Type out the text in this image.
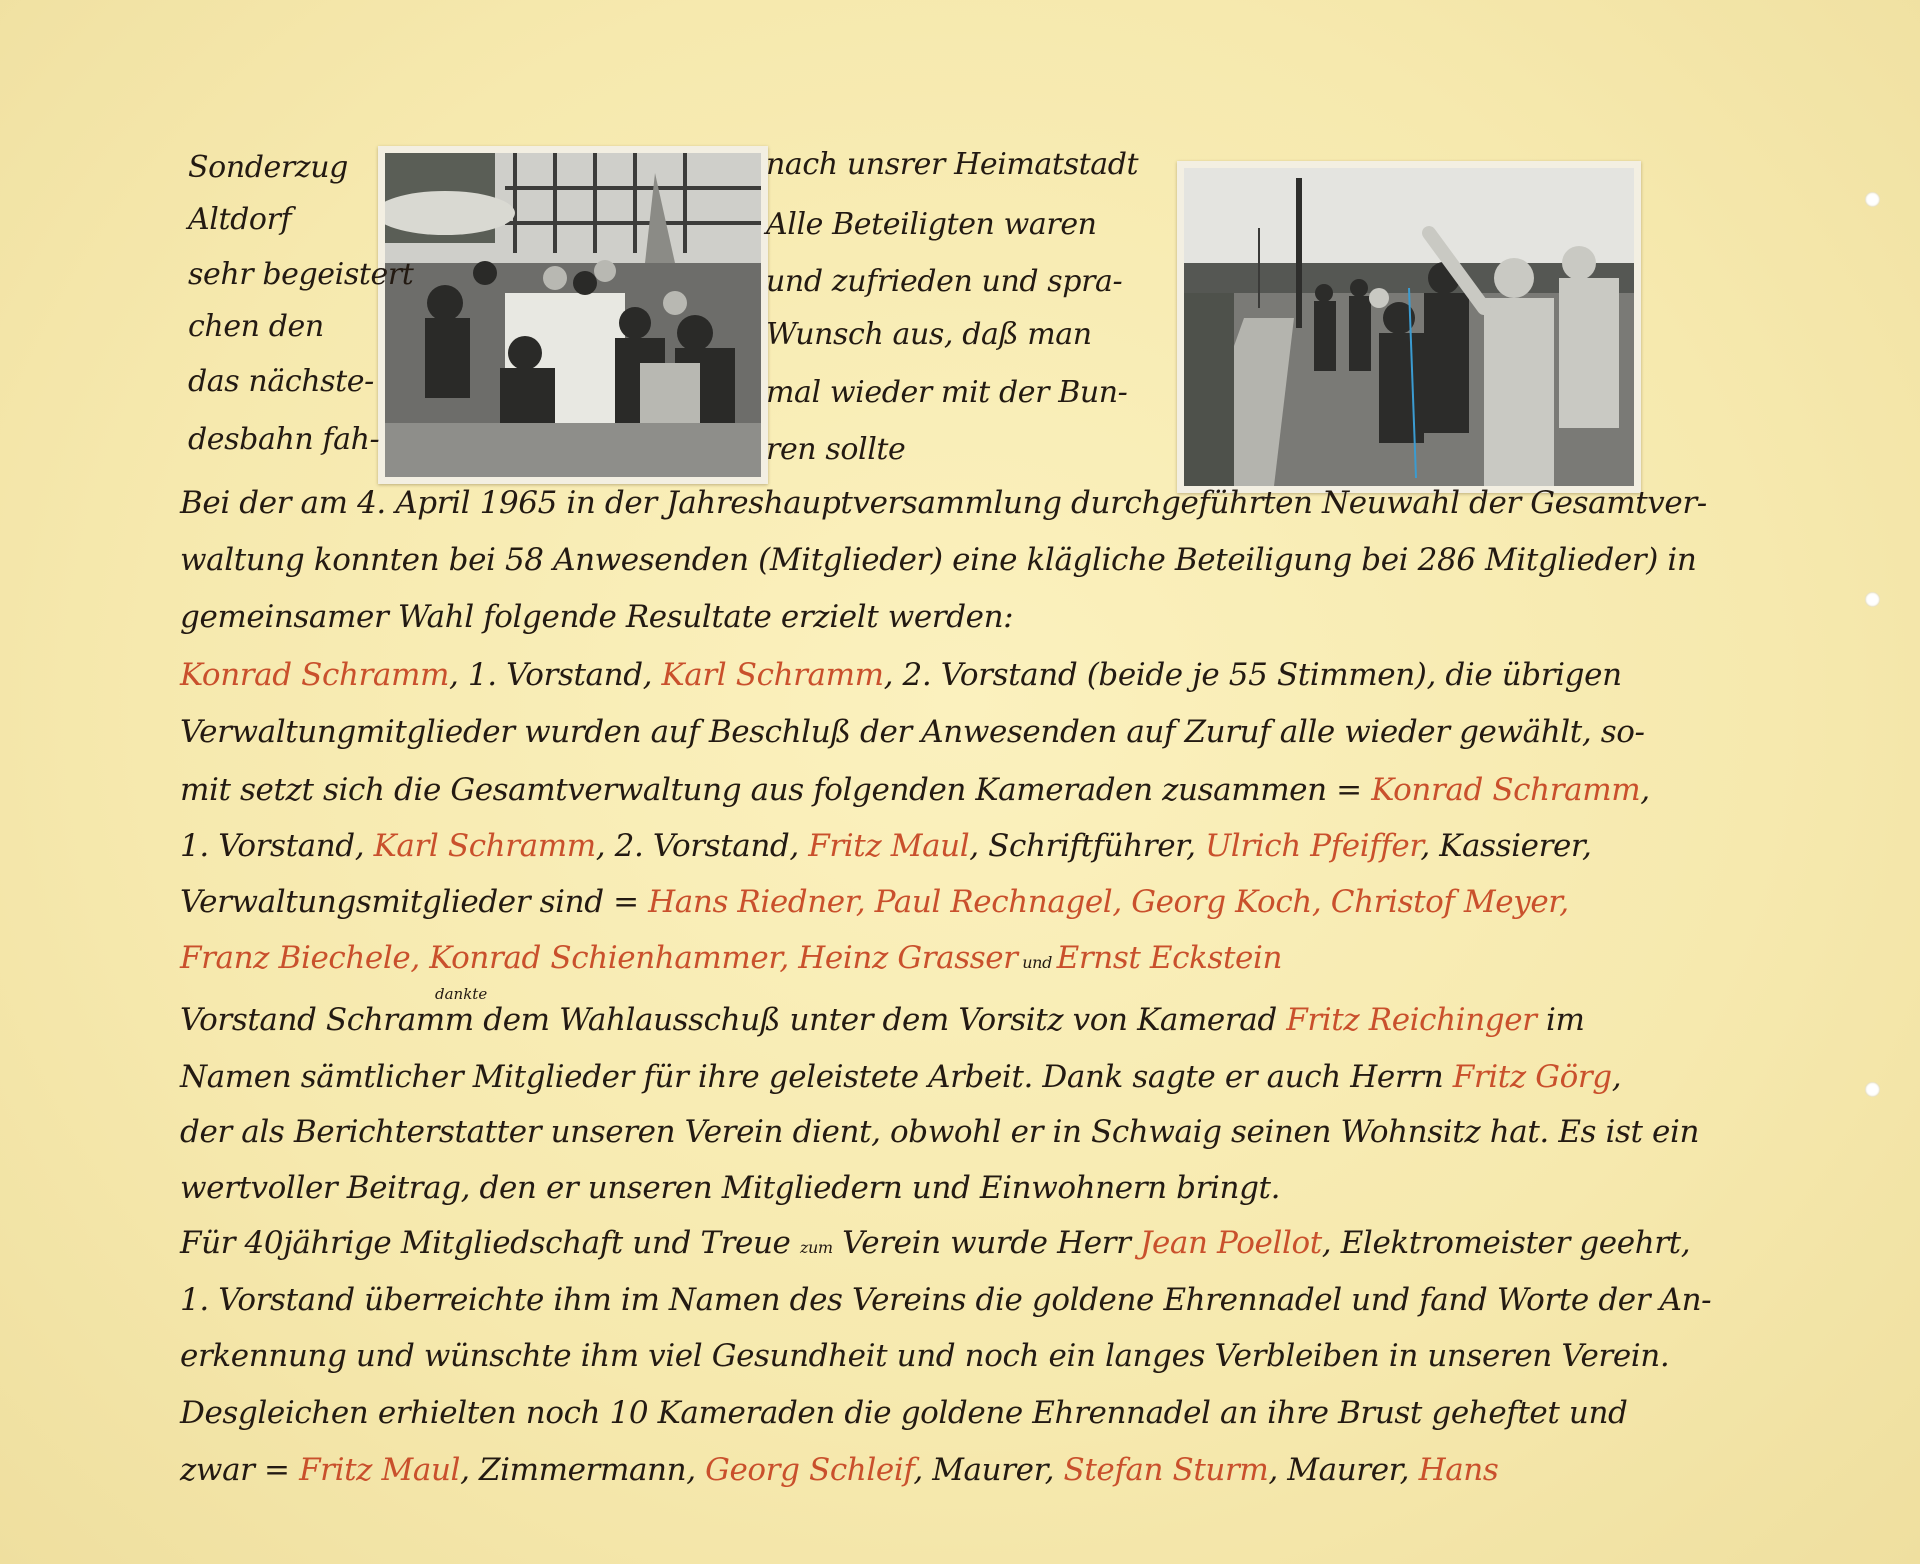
Sonderzug
Altdorf
sehr begeistert
chen den
das nächste-
desbahn fah-
nach unsrer Heimatstadt
Alle Beteiligten waren
und zufrieden und spra-
Wunsch aus, daß man
mal wieder mit der Bun-
ren sollte
Bei der am 4. April 1965 in der Jahreshauptversammlung durchgeführten Neuwahl der Gesamtver-
waltung konnten bei 58 Anwesenden (Mitglieder) eine klägliche Beteiligung bei 286 Mitglieder) in
gemeinsamer Wahl folgende Resultate erzielt werden:
Konrad Schramm, 1. Vorstand, Karl Schramm, 2. Vorstand (beide je 55 Stimmen), die übrigen
Verwaltungmitglieder wurden auf Beschluß der Anwesenden auf Zuruf alle wieder gewählt, so-
mit setzt sich die Gesamtverwaltung aus folgenden Kameraden zusammen = Konrad Schramm,
1. Vorstand, Karl Schramm, 2. Vorstand, Fritz Maul, Schriftführer, Ulrich Pfeiffer, Kassierer,
Verwaltungsmitglieder sind = Hans Riedner, Paul Rechnagel, Georg Koch, Christof Meyer,
Franz Biechele, Konrad Schienhammer, Heinz Grasser und Ernst Eckstein
dankte
Vorstand Schramm dem Wahlausschuß unter dem Vorsitz von Kamerad Fritz Reichinger im
Namen sämtlicher Mitglieder für ihre geleistete Arbeit. Dank sagte er auch Herrn Fritz Görg,
der als Berichterstatter unseren Verein dient, obwohl er in Schwaig seinen Wohnsitz hat. Es ist ein
wertvoller Beitrag, den er unseren Mitgliedern und Einwohnern bringt.
Für 40jährige Mitgliedschaft und Treue zum Verein wurde Herr Jean Poellot, Elektromeister geehrt,
1. Vorstand überreichte ihm im Namen des Vereins die goldene Ehrennadel und fand Worte der An-
erkennung und wünschte ihm viel Gesundheit und noch ein langes Verbleiben in unseren Verein.
Desgleichen erhielten noch 10 Kameraden die goldene Ehrennadel an ihre Brust geheftet und
zwar = Fritz Maul, Zimmermann, Georg Schleif, Maurer, Stefan Sturm, Maurer, Hans
